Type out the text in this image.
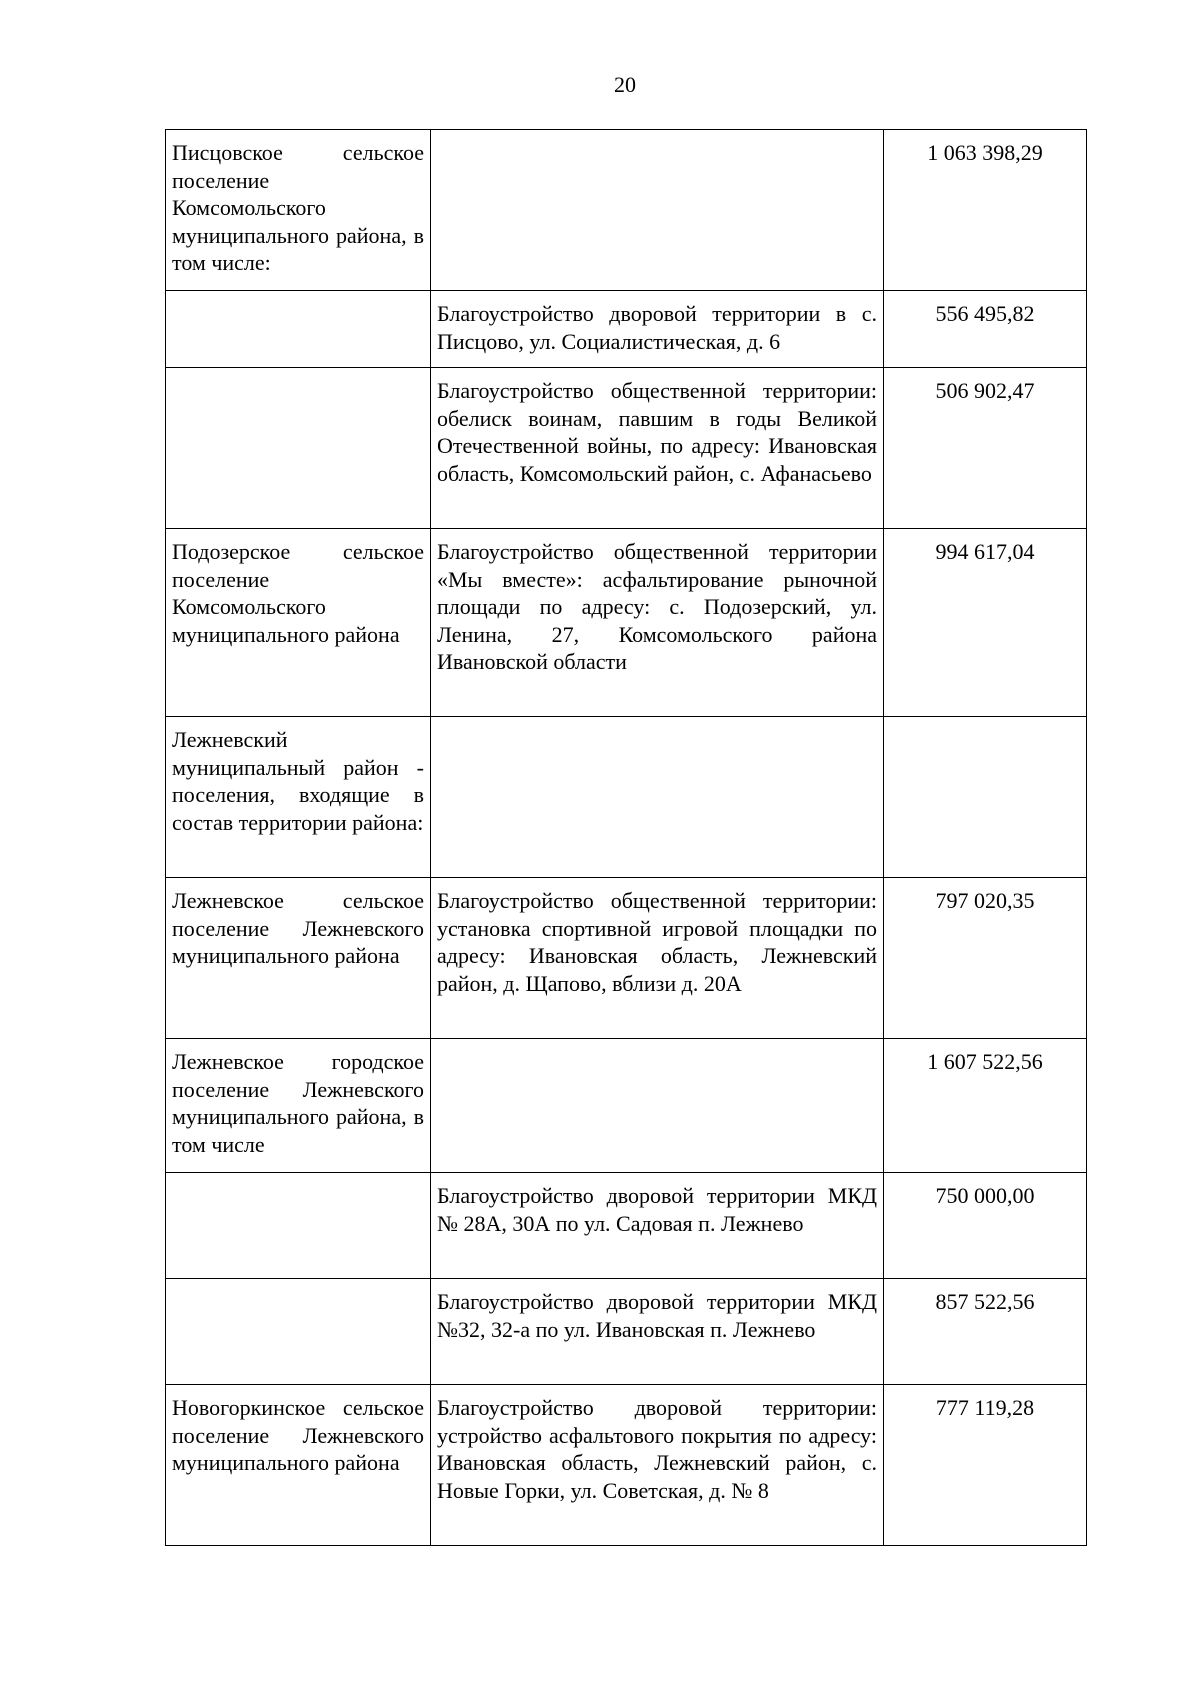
20
Писцовское сельское поселение Комсомольского муниципального района, в том числе:		1 063 398,29
	Благоустройство дворовой территории в с. Писцово, ул. Социалистическая, д. 6	556 495,82
	Благоустройство общественной территории: обелиск воинам, павшим в годы Великой Отечественной войны, по адресу: Ивановская область, Комсомольский район, с. Афанасьево	506 902,47
Подозерское сельское поселение Комсомольского муниципального района	Благоустройство общественной территории «Мы вместе»: асфальтирование рыночной площади по адресу: с. Подозерский, ул. Ленина, 27, Комсомольского района Ивановской области	994 617,04
Лежневский муниципальный район - поселения, входящие в состав территории района:		
Лежневское сельское поселение Лежневского муниципального района	Благоустройство общественной территории: установка спортивной игровой площадки по адресу: Ивановская область, Лежневский район, д. Щапово, вблизи д. 20А	797 020,35
Лежневское городское поселение Лежневского муниципального района, в том числе		1 607 522,56
	Благоустройство дворовой территории МКД № 28А, 30А по ул. Садовая п. Лежнево	750 000,00
	Благоустройство дворовой территории МКД №32, 32-а по ул. Ивановская п. Лежнево	857 522,56
Новогоркинское сельское поселение Лежневского муниципального района	Благоустройство дворовой территории: устройство асфальтового покрытия по адресу: Ивановская область, Лежневский район, с. Новые Горки, ул. Советская, д. № 8	777 119,28
